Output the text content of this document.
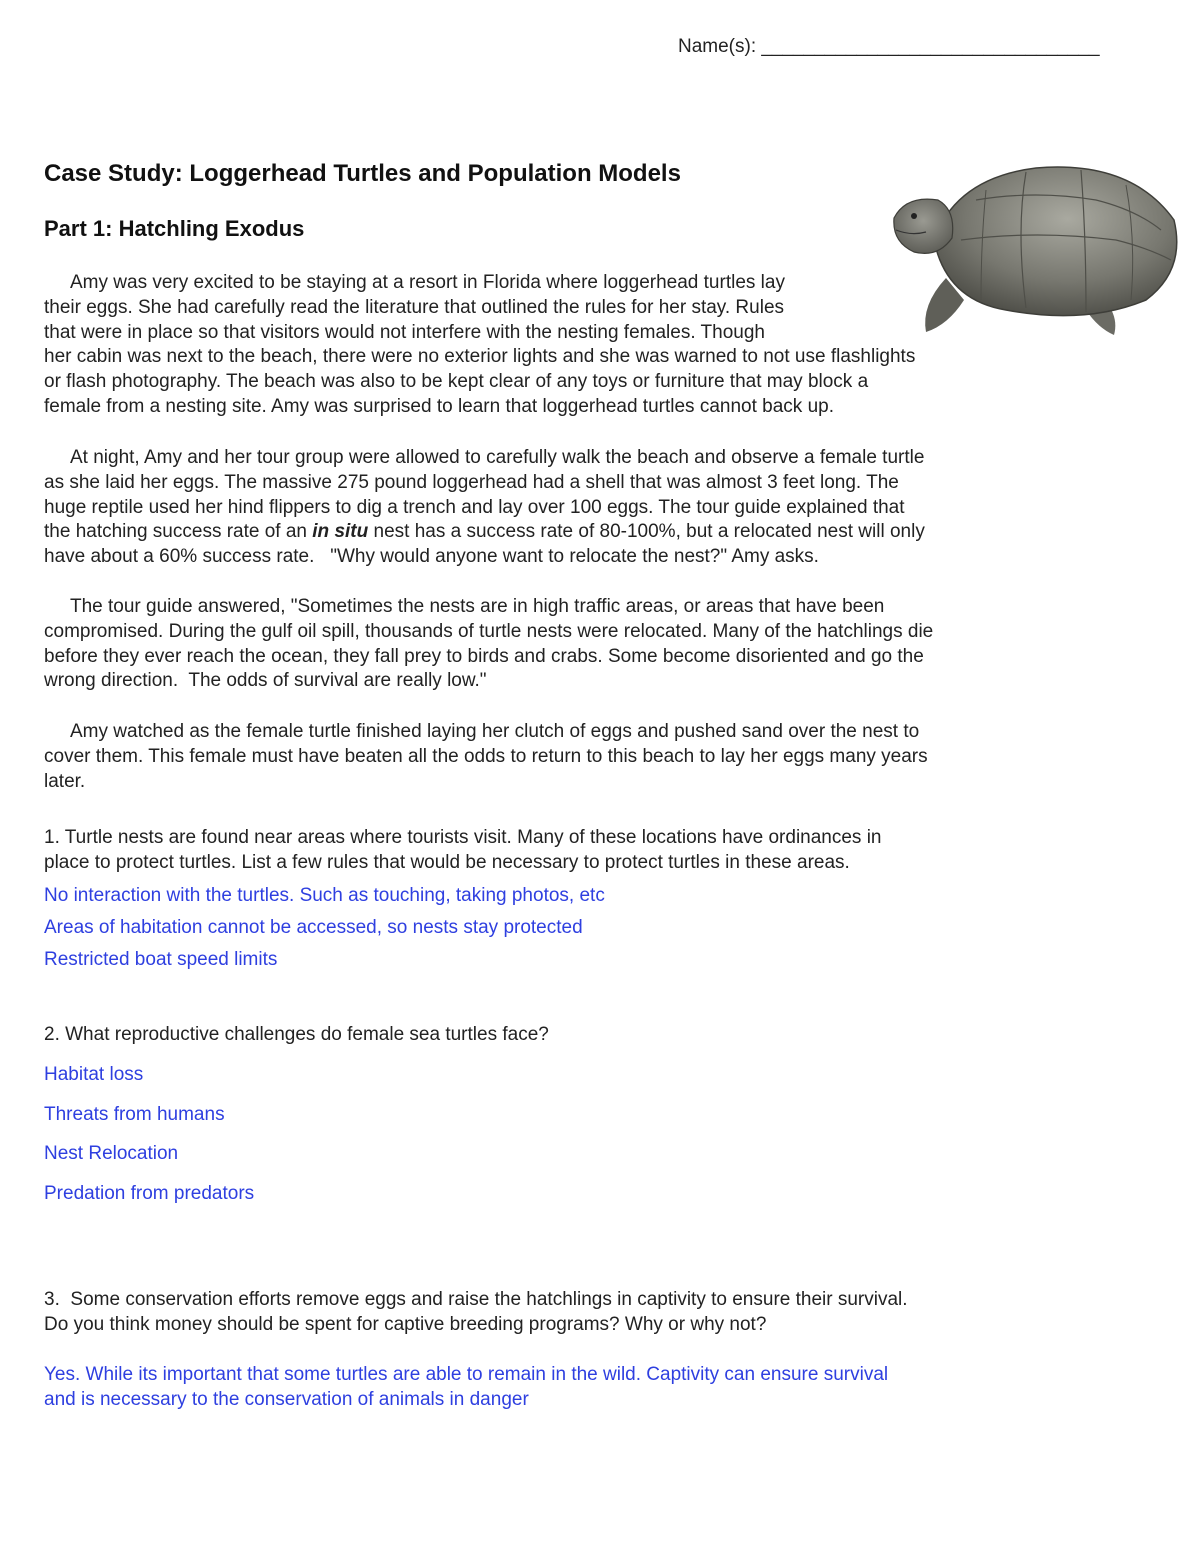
Name(s): ________________________________
Case Study: Loggerhead Turtles and Population Models
Part 1: Hatchling Exodus
Amy was very excited to be staying at a resort in Florida where loggerhead turtles lay
their eggs. She had carefully read the literature that outlined the rules for her stay. Rules
that were in place so that visitors would not interfere with the nesting females. Though
her cabin was next to the beach, there were no exterior lights and she was warned to not use flashlights
or flash photography. The beach was also to be kept clear of any toys or furniture that may block a
female from a nesting site. Amy was surprised to learn that loggerhead turtles cannot back up.
At night, Amy and her tour group were allowed to carefully walk the beach and observe a female turtle
as she laid her eggs. The massive 275 pound loggerhead had a shell that was almost 3 feet long. The
huge reptile used her hind flippers to dig a trench and lay over 100 eggs. The tour guide explained that
the hatching success rate of an in situ nest has a success rate of 80-100%, but a relocated nest will only
have about a 60% success rate.   "Why would anyone want to relocate the nest?" Amy asks.
The tour guide answered, "Sometimes the nests are in high traffic areas, or areas that have been
compromised. During the gulf oil spill, thousands of turtle nests were relocated. Many of the hatchlings die
before they ever reach the ocean, they fall prey to birds and crabs. Some become disoriented and go the
wrong direction.  The odds of survival are really low."
Amy watched as the female turtle finished laying her clutch of eggs and pushed sand over the nest to
cover them. This female must have beaten all the odds to return to this beach to lay her eggs many years
later.
1. Turtle nests are found near areas where tourists visit. Many of these locations have ordinances in
place to protect turtles. List a few rules that would be necessary to protect turtles in these areas.
No interaction with the turtles. Such as touching, taking photos, etc
Areas of habitation cannot be accessed, so nests stay protected
Restricted boat speed limits
2. What reproductive challenges do female sea turtles face?
Habitat loss
Threats from humans
Nest Relocation
Predation from predators
3.  Some conservation efforts remove eggs and raise the hatchlings in captivity to ensure their survival.
Do you think money should be spent for captive breeding programs? Why or why not?
Yes. While its important that some turtles are able to remain in the wild. Captivity can ensure survival
and is necessary to the conservation of animals in danger
